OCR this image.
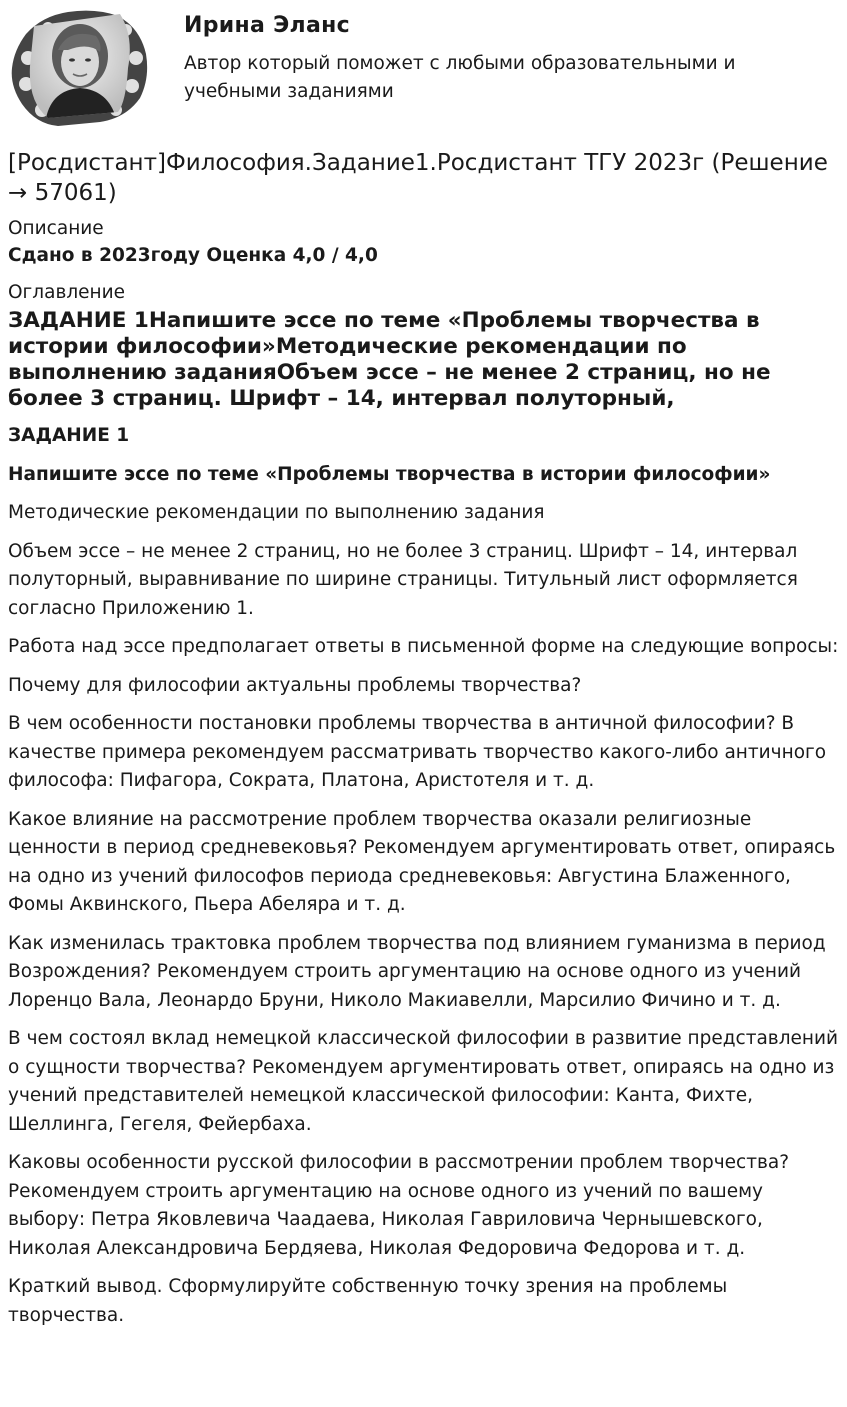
Ирина Эланс

Автор который поможет с любыми образовательными и учебными заданиями

[Росдистант]Философия.Задание1.Росдистант ТГУ 2023г (Решение → 57061)

Описание

Сдано в 2023году Оценка 4,0 / 4,0

Оглавление

ЗАДАНИЕ 1Напишите эссе по теме «Проблемы творчества в истории философии»Методические рекомендации по выполнению заданияОбъем эссе – не менее 2 страниц, но не более 3 страниц. Шрифт – 14, интервал полуторный,

ЗАДАНИЕ 1

Напишите эссе по теме «Проблемы творчества в истории философии»

Методические рекомендации по выполнению задания

Объем эссе – не менее 2 страниц, но не более 3 страниц. Шрифт – 14, интервал полуторный, выравнивание по ширине страницы. Титульный лист оформляется согласно Приложению 1.

Работа над эссе предполагает ответы в письменной форме на следующие вопросы:

Почему для философии актуальны проблемы творчества?

В чем особенности постановки проблемы творчества в античной философии? В качестве примера рекомендуем рассматривать творчество какого-либо античного философа: Пифагора, Сократа, Платона, Аристотеля и т. д.

Какое влияние на рассмотрение проблем творчества оказали религиозные ценности в период средневековья? Рекомендуем аргументировать ответ, опираясь на одно из учений философов периода средневековья: Августина Блаженного, Фомы Аквинского, Пьера Абеляра и т. д.

Как изменилась трактовка проблем творчества под влиянием гуманизма в период Возрождения? Рекомендуем строить аргументацию на основе одного из учений Лоренцо Вала, Леонардо Бруни, Николо Макиавелли, Марсилио Фичино и т. д.

В чем состоял вклад немецкой классической философии в развитие представлений о сущности творчества? Рекомендуем аргументировать ответ, опираясь на одно из учений представителей немецкой классической философии: Канта, Фихте, Шеллинга, Гегеля, Фейербаха.

Каковы особенности русской философии в рассмотрении проблем творчества? Рекомендуем строить аргументацию на основе одного из учений по вашему выбору: Петра Яковлевича Чаадаева, Николая Гавриловича Чернышевского, Николая Александровича Бердяева, Николая Федоровича Федорова и т. д.

Краткий вывод. Сформулируйте собственную точку зрения на проблемы творчества.
